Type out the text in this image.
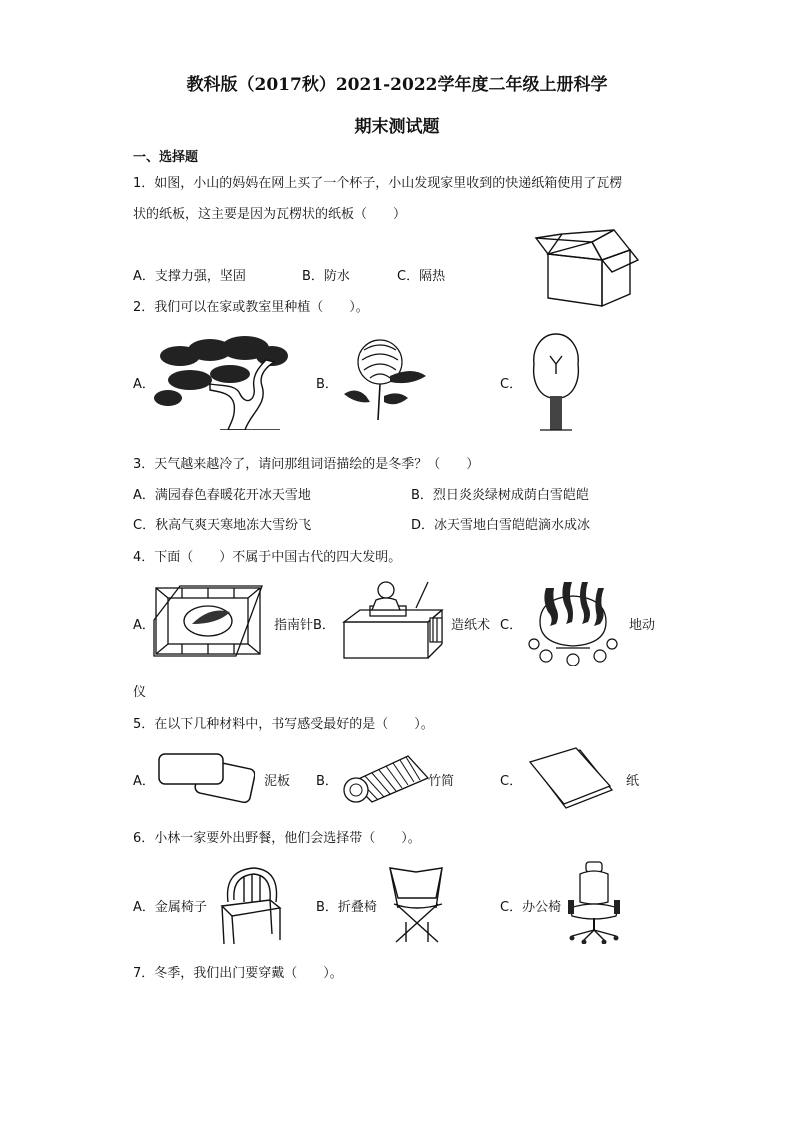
教科版（2017秋）2021-2022学年度二年级上册科学
期末测试题
一、选择题
1．如图，小山的妈妈在网上买了一个杯子，小山发现家里收到的快递纸箱使用了瓦楞
状的纸板，这主要是因为瓦楞状的纸板（　　）
A．支撑力强，坚固	B．防水	C．隔热
2．我们可以在家或教室里种植（　　）。
A．	B．	C．
3．天气越来越冷了，请问那组词语描绘的是冬季？（　　）
A．满园春色春暖花开冰天雪地	B．烈日炎炎绿树成荫白雪皑皑
C．秋高气爽天寒地冻大雪纷飞	D．冰天雪地白雪皑皑滴水成冰
4．下面（　　）不属于中国古代的四大发明。
A．	指南针B．	造纸术 C．	地动
仪
5．在以下几种材料中，书写感受最好的是（　　）。
A．	泥板 B．	竹简	C．	纸
6．小林一家要外出野餐，他们会选择带（　　）。
A．金属椅子	B．折叠椅	C．办公椅
7．冬季，我们出门要穿戴（　　）。
